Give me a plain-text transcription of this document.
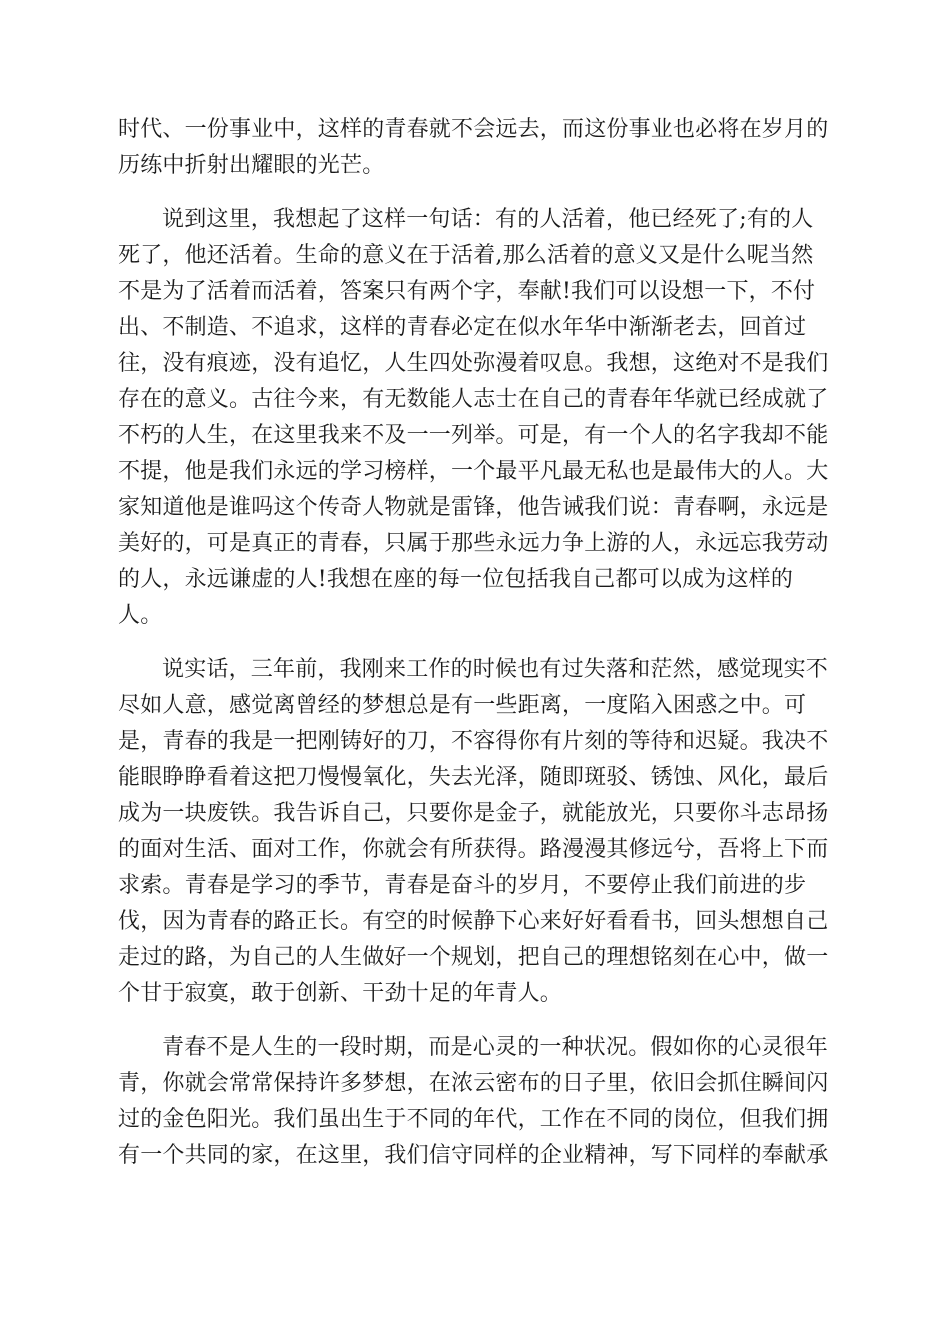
时代、一份事业中，这样的青春就不会远去，而这份事业也必将在岁月的
历练中折射出耀眼的光芒。
说到这里，我想起了这样一句话：有的人活着，他已经死了;有的人
死了，他还活着。生命的意义在于活着,那么活着的意义又是什么呢当然
不是为了活着而活着，答案只有两个字，奉献!我们可以设想一下，不付
出、不制造、不追求，这样的青春必定在似水年华中渐渐老去，回首过
往，没有痕迹，没有追忆，人生四处弥漫着叹息。我想，这绝对不是我们
存在的意义。古往今来，有无数能人志士在自己的青春年华就已经成就了
不朽的人生，在这里我来不及一一列举。可是，有一个人的名字我却不能
不提，他是我们永远的学习榜样，一个最平凡最无私也是最伟大的人。大
家知道他是谁吗这个传奇人物就是雷锋，他告诫我们说：青春啊，永远是
美好的，可是真正的青春，只属于那些永远力争上游的人，永远忘我劳动
的人，永远谦虚的人!我想在座的每一位包括我自己都可以成为这样的
人。
说实话，三年前，我刚来工作的时候也有过失落和茫然，感觉现实不
尽如人意，感觉离曾经的梦想总是有一些距离，一度陷入困惑之中。可
是，青春的我是一把刚铸好的刀，不容得你有片刻的等待和迟疑。我决不
能眼睁睁看着这把刀慢慢氧化，失去光泽，随即斑驳、锈蚀、风化，最后
成为一块废铁。我告诉自己，只要你是金子，就能放光，只要你斗志昂扬
的面对生活、面对工作，你就会有所获得。路漫漫其修远兮，吾将上下而
求索。青春是学习的季节，青春是奋斗的岁月，不要停止我们前进的步
伐，因为青春的路正长。有空的时候静下心来好好看看书，回头想想自己
走过的路，为自己的人生做好一个规划，把自己的理想铭刻在心中，做一
个甘于寂寞，敢于创新、干劲十足的年青人。
青春不是人生的一段时期，而是心灵的一种状况。假如你的心灵很年
青，你就会常常保持许多梦想，在浓云密布的日子里，依旧会抓住瞬间闪
过的金色阳光。我们虽出生于不同的年代，工作在不同的岗位，但我们拥
有一个共同的家，在这里，我们信守同样的企业精神，写下同样的奉献承
